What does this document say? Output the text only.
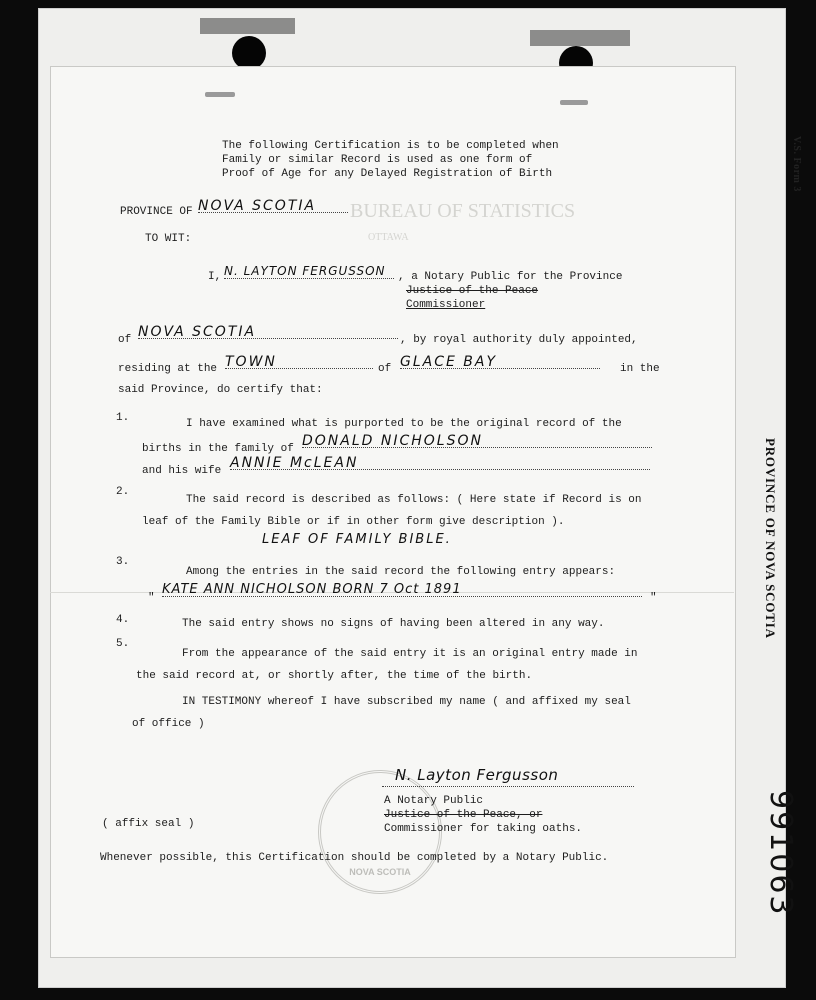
V.S. Form 3
PROVINCE OF NOVA SCOTIA
991063
BUREAU OF STATISTICS
OTTAWA
The following Certification is to be completed when
Family or similar Record is used as one form of
Proof of Age for any Delayed Registration of Birth
PROVINCE OF NOVA SCOTIA
TO WIT:
I, N. LAYTON FERGUSSON	, a Notary Public for the Province
Justice of the Peace
Commissioner
of NOVA SCOTIA	, by royal authority duly appointed,
residing at the TOWN	of GLACE BAY	in the
said Province, do certify that:
1.	I have examined what is purported to be the original record of the
births in the family of DONALD NICHOLSON
and his wife ANNIE McLEAN
2.
The said record is described as follows: ( Here state if Record is on
leaf of the Family Bible or if in other form give description ).
LEAF OF FAMILY BIBLE.
3.
Among the entries in the said record the following entry appears:
"
KATE ANN NICHOLSON BORN 7 Oct 1891
"
4.	The said entry shows no signs of having been altered in any way.
5.
From the appearance of the said entry it is an original entry made in
the said record at, or shortly after, the time of the birth.
IN TESTIMONY whereof I have subscribed my name ( and affixed my seal
of office )
NOVA SCOTIA
N. Layton Fergusson
A Notary Public
Justice of the Peace, or
Commissioner for taking oaths.
( affix seal )
Whenever possible, this Certification should be completed by a Notary Public.
